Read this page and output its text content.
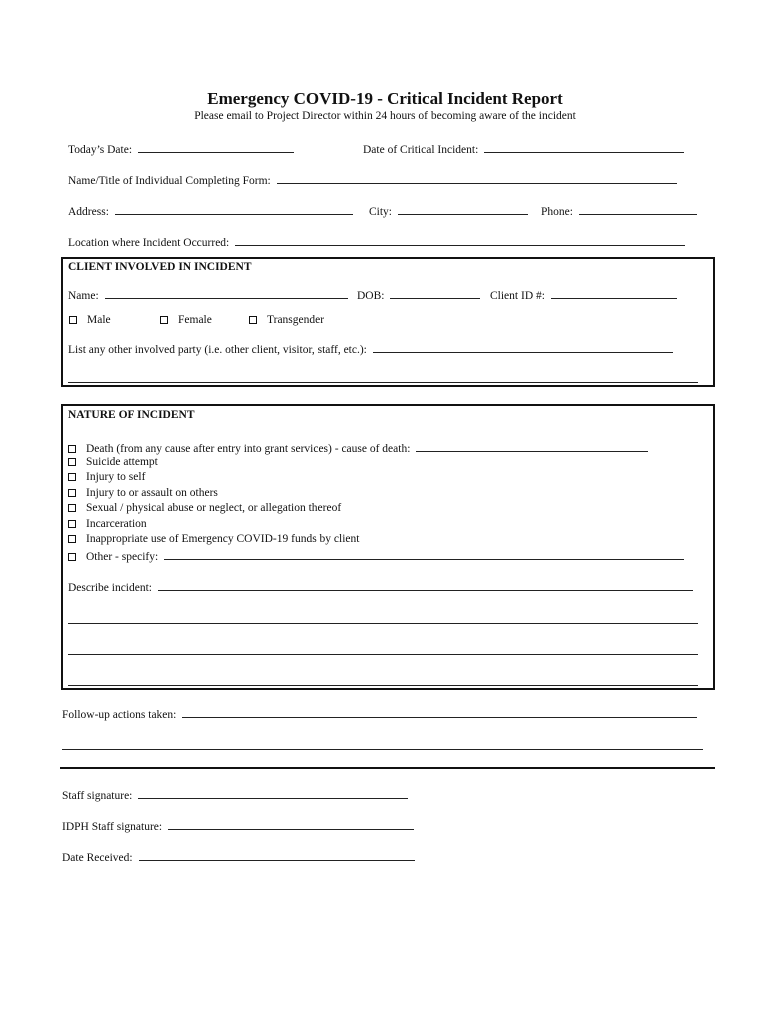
Emergency COVID-19 - Critical Incident Report
Please email to Project Director within 24 hours of becoming aware of the incident
Today’s Date:	Date of Critical Incident:
Name/Title of Individual Completing Form:
Address:	City:	Phone:
Location where Incident Occurred:
CLIENT INVOLVED IN INCIDENT
Name:	DOB:	Client ID #:
Male	Female	Transgender
List any other involved party (i.e. other client, visitor, staff, etc.):
NATURE OF INCIDENT
Death (from any cause after entry into grant services) - cause of death:
Suicide attempt
Injury to self
Injury to or assault on others
Sexual / physical abuse or neglect, or allegation thereof
Incarceration
Inappropriate use of Emergency COVID-19 funds by client
Other - specify:
Describe incident:
Follow-up actions taken:
Staff signature:
IDPH Staff signature:
Date Received:
